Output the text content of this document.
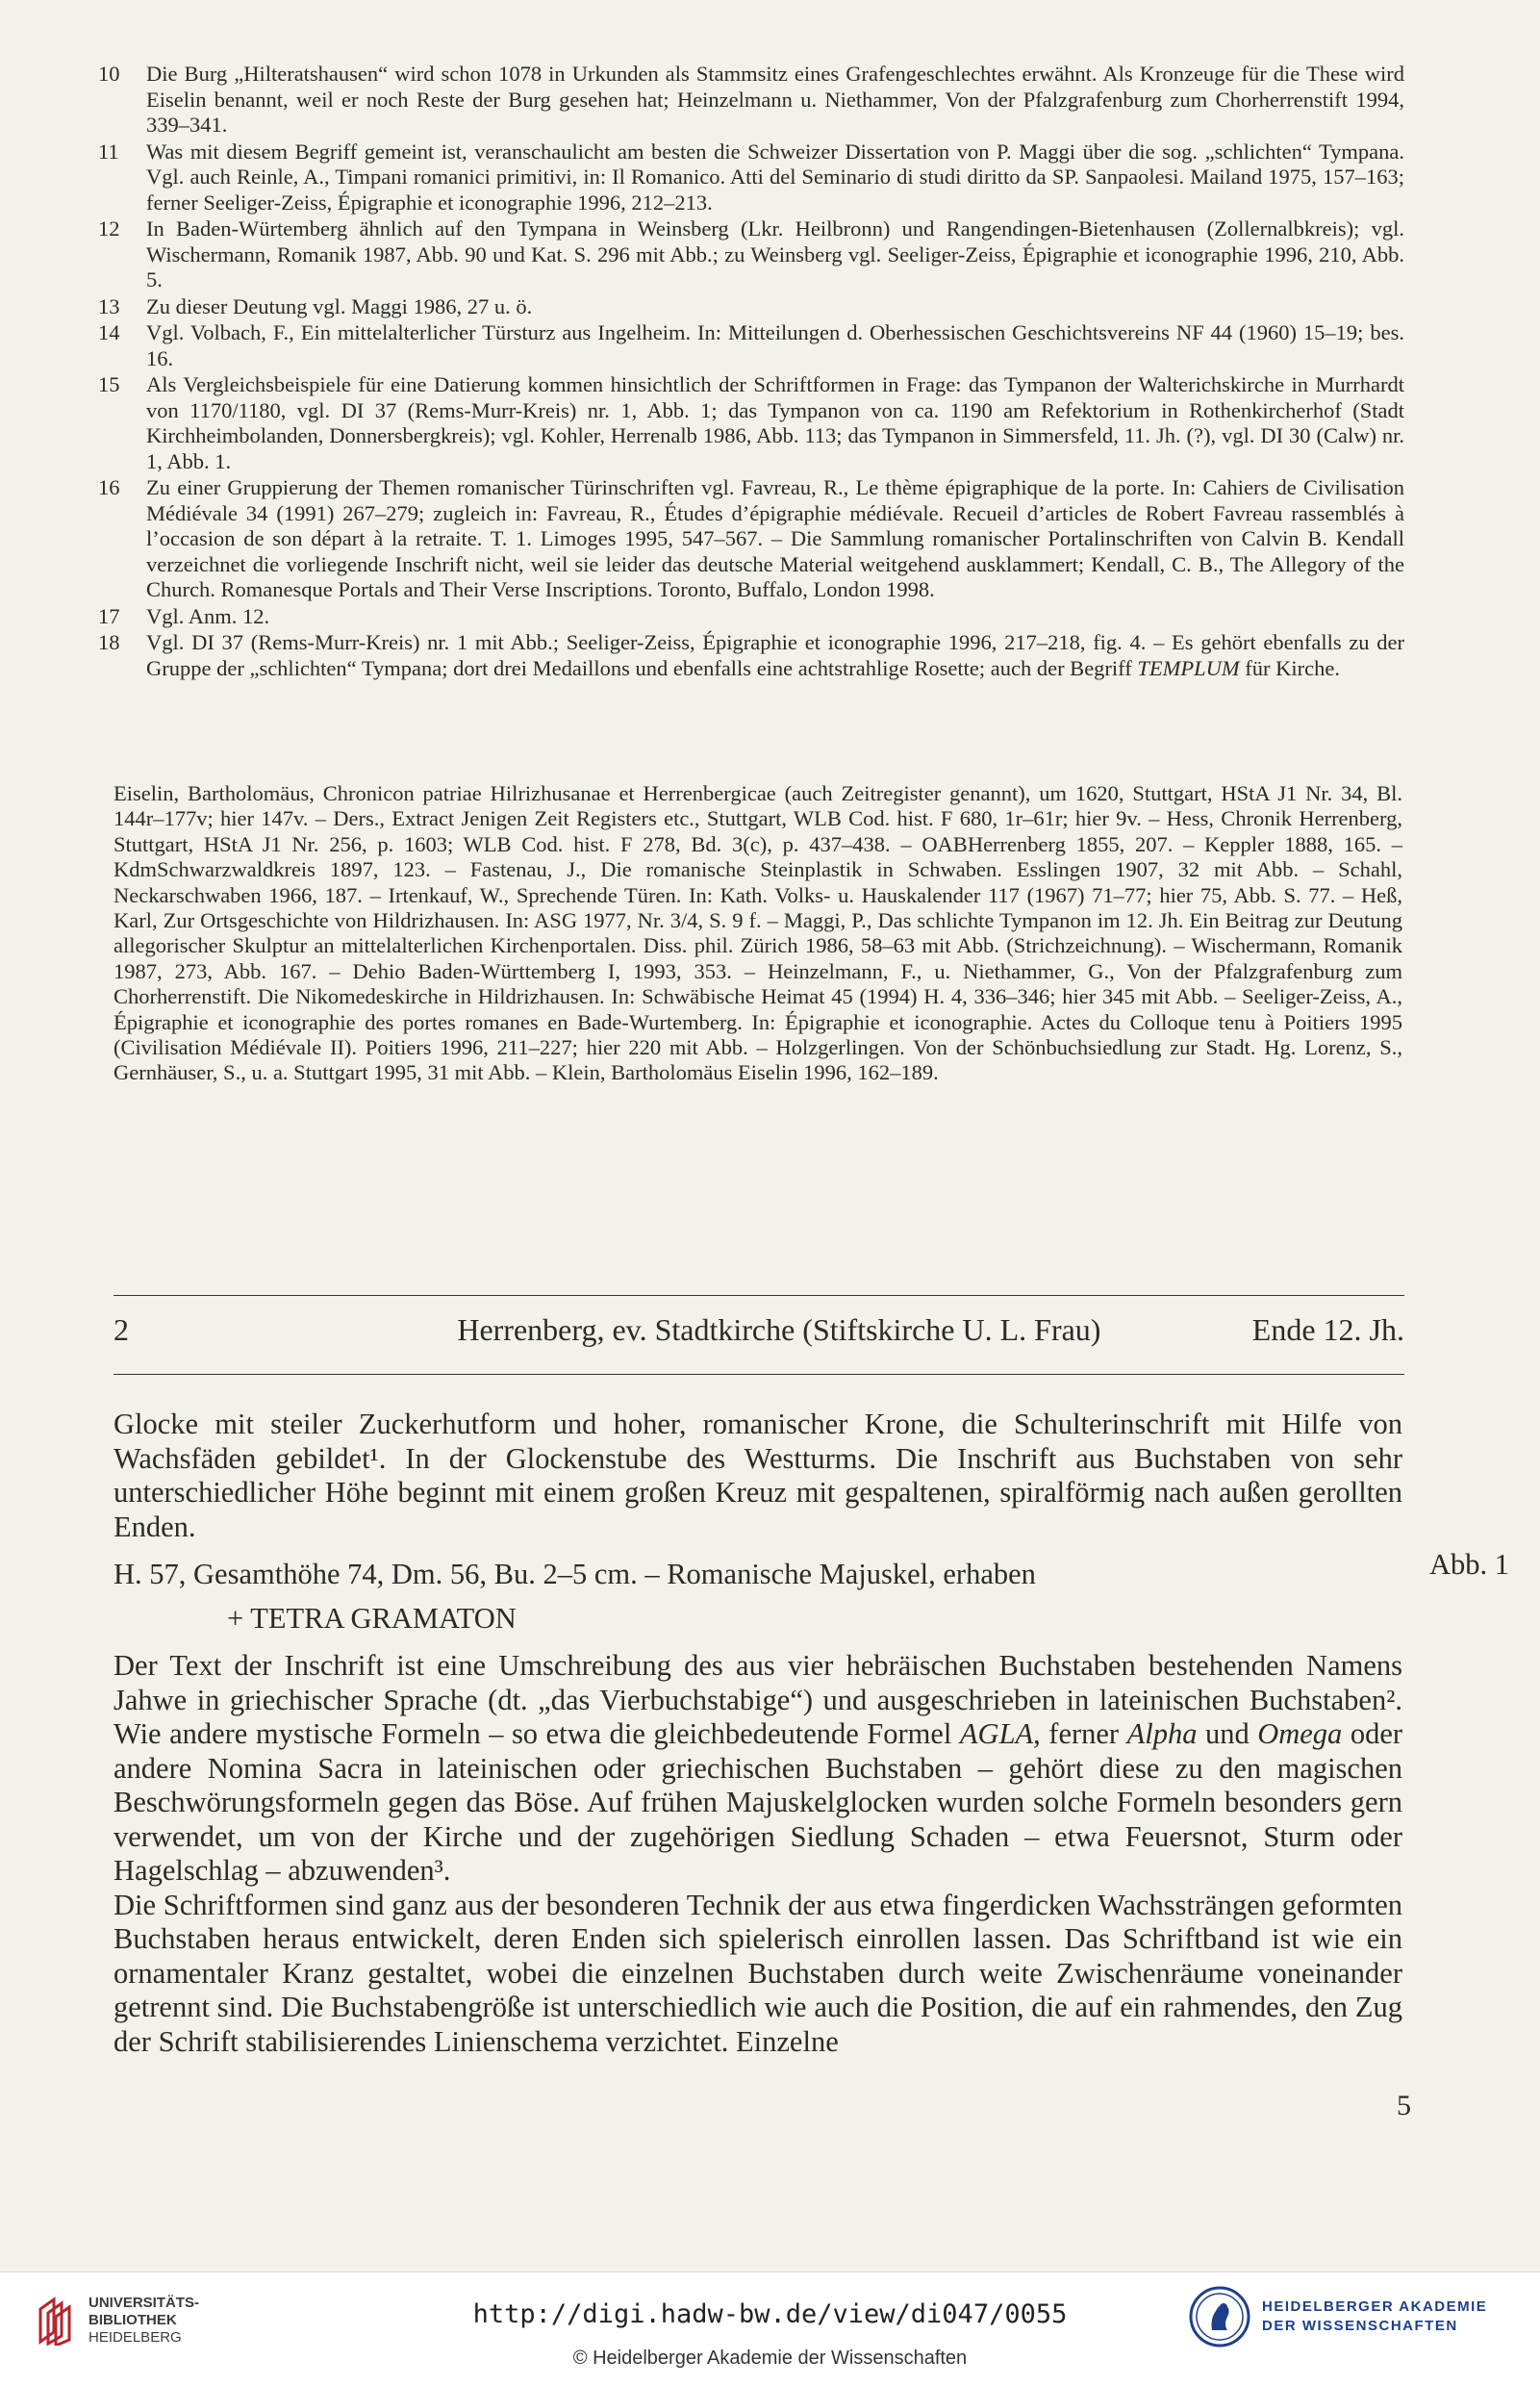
10	Die Burg „Hilteratshausen“ wird schon 1078 in Urkunden als Stammsitz eines Grafengeschlechtes erwähnt. Als Kronzeuge für die These wird Eiselin benannt, weil er noch Reste der Burg gesehen hat; Heinzelmann u. Niethammer, Von der Pfalzgrafenburg zum Chorherrenstift 1994, 339–341.
11	Was mit diesem Begriff gemeint ist, veranschaulicht am besten die Schweizer Dissertation von P. Maggi über die sog. „schlichten“ Tympana. Vgl. auch Reinle, A., Timpani romanici primitivi, in: Il Romanico. Atti del Seminario di studi diritto da SP. Sanpaolesi. Mailand 1975, 157–163; ferner Seeliger-Zeiss, Épigraphie et iconographie 1996, 212–213.
12	In Baden-Würtemberg ähnlich auf den Tympana in Weinsberg (Lkr. Heilbronn) und Rangendingen-Bietenhausen (Zollernalbkreis); vgl. Wischermann, Romanik 1987, Abb. 90 und Kat. S. 296 mit Abb.; zu Weinsberg vgl. Seeliger-Zeiss, Épigraphie et iconographie 1996, 210, Abb. 5.
13	Zu dieser Deutung vgl. Maggi 1986, 27 u. ö.
14	Vgl. Volbach, F., Ein mittelalterlicher Türsturz aus Ingelheim. In: Mitteilungen d. Oberhessischen Geschichtsvereins NF 44 (1960) 15–19; bes. 16.
15	Als Vergleichsbeispiele für eine Datierung kommen hinsichtlich der Schriftformen in Frage: das Tympanon der Walterichskirche in Murrhardt von 1170/1180, vgl. DI 37 (Rems-Murr-Kreis) nr. 1, Abb. 1; das Tympanon von ca. 1190 am Refektorium in Rothenkircherhof (Stadt Kirchheimbolanden, Donnersbergkreis); vgl. Kohler, Herrenalb 1986, Abb. 113; das Tympanon in Simmersfeld, 11. Jh. (?), vgl. DI 30 (Calw) nr. 1, Abb. 1.
16	Zu einer Gruppierung der Themen romanischer Türinschriften vgl. Favreau, R., Le thème épigraphique de la porte. In: Cahiers de Civilisation Médiévale 34 (1991) 267–279; zugleich in: Favreau, R., Études d’épigraphie médiévale. Recueil d’articles de Robert Favreau rassemblés à l’occasion de son départ à la retraite. T. 1. Limoges 1995, 547–567. – Die Sammlung romanischer Portalinschriften von Calvin B. Kendall verzeichnet die vorliegende Inschrift nicht, weil sie leider das deutsche Material weitgehend ausklammert; Kendall, C. B., The Allegory of the Church. Romanesque Portals and Their Verse Inscriptions. Toronto, Buffalo, London 1998.
17	Vgl. Anm. 12.
18	Vgl. DI 37 (Rems-Murr-Kreis) nr. 1 mit Abb.; Seeliger-Zeiss, Épigraphie et iconographie 1996, 217–218, fig. 4. – Es gehört ebenfalls zu der Gruppe der „schlichten“ Tympana; dort drei Medaillons und ebenfalls eine achtstrahlige Rosette; auch der Begriff TEMPLUM für Kirche.
Eiselin, Bartholomäus, Chronicon patriae Hilrizhusanae et Herrenbergicae (auch Zeitregister genannt), um 1620, Stuttgart, HStA J1 Nr. 34, Bl. 144r–177v; hier 147v. – Ders., Extract Jenigen Zeit Registers etc., Stuttgart, WLB Cod. hist. F 680, 1r–61r; hier 9v. – Hess, Chronik Herrenberg, Stuttgart, HStA J1 Nr. 256, p. 1603; WLB Cod. hist. F 278, Bd. 3(c), p. 437–438. – OABHerrenberg 1855, 207. – Keppler 1888, 165. – KdmSchwarzwaldkreis 1897, 123. – Fastenau, J., Die romanische Steinplastik in Schwaben. Esslingen 1907, 32 mit Abb. – Schahl, Neckarschwaben 1966, 187. – Irtenkauf, W., Sprechende Türen. In: Kath. Volks- u. Hauskalender 117 (1967) 71–77; hier 75, Abb. S. 77. – Heß, Karl, Zur Ortsgeschichte von Hildrizhausen. In: ASG 1977, Nr. 3/4, S. 9 f. – Maggi, P., Das schlichte Tympanon im 12. Jh. Ein Beitrag zur Deutung allegorischer Skulptur an mittelalterlichen Kirchenportalen. Diss. phil. Zürich 1986, 58–63 mit Abb. (Strichzeichnung). – Wischermann, Romanik 1987, 273, Abb. 167. – Dehio Baden-Württemberg I, 1993, 353. – Heinzelmann, F., u. Niethammer, G., Von der Pfalzgrafenburg zum Chorherrenstift. Die Nikomedeskirche in Hildrizhausen. In: Schwäbische Heimat 45 (1994) H. 4, 336–346; hier 345 mit Abb. – Seeliger-Zeiss, A., Épigraphie et iconographie des portes romanes en Bade-Wurtemberg. In: Épigraphie et iconographie. Actes du Colloque tenu à Poitiers 1995 (Civilisation Médiévale II). Poitiers 1996, 211–227; hier 220 mit Abb. – Holzgerlingen. Von der Schönbuchsiedlung zur Stadt. Hg. Lorenz, S., Gernhäuser, S., u. a. Stuttgart 1995, 31 mit Abb. – Klein, Bartholomäus Eiselin 1996, 162–189.
2	Herrenberg, ev. Stadtkirche (Stiftskirche U. L. Frau)	Ende 12. Jh.

Glocke mit steiler Zuckerhutform und hoher, romanischer Krone, die Schulterinschrift mit Hilfe von Wachsfäden gebildet¹. In der Glockenstube des Westturms. Die Inschrift aus Buchstaben von sehr unterschiedlicher Höhe beginnt mit einem großen Kreuz mit gespaltenen, spiralförmig nach außen gerollten Enden.

H. 57, Gesamthöhe 74, Dm. 56, Bu. 2–5 cm. – Romanische Majuskel, erhaben

+ TETRA GRAMATON

Der Text der Inschrift ist eine Umschreibung des aus vier hebräischen Buchstaben bestehenden Namens Jahwe in griechischer Sprache (dt. „das Vierbuchstabige“) und ausgeschrieben in lateinischen Buchstaben². Wie andere mystische Formeln – so etwa die gleichbedeutende Formel AGLA, ferner Alpha und Omega oder andere Nomina Sacra in lateinischen oder griechischen Buchstaben – gehört diese zu den magischen Beschwörungsformeln gegen das Böse. Auf frühen Majuskelglocken wurden solche Formeln besonders gern verwendet, um von der Kirche und der zugehörigen Siedlung Schaden – etwa Feuersnot, Sturm oder Hagelschlag – abzuwenden³.

Die Schriftformen sind ganz aus der besonderen Technik der aus etwa fingerdicken Wachssträngen geformten Buchstaben heraus entwickelt, deren Enden sich spielerisch einrollen lassen. Das Schriftband ist wie ein ornamentaler Kranz gestaltet, wobei die einzelnen Buchstaben durch weite Zwischenräume voneinander getrennt sind. Die Buchstabengröße ist unterschiedlich wie auch die Position, die auf ein rahmendes, den Zug der Schrift stabilisierendes Linienschema verzichtet. Einzelne

Abb. 1
5
UNIVERSITÄTS-
BIBLIOTHEK
HEIDELBERG
http://digi.hadw-bw.de/view/di047/0055
© Heidelberger Akademie der Wissenschaften
HEIDELBERGER AKADEMIE
DER WISSENSCHAFTEN
